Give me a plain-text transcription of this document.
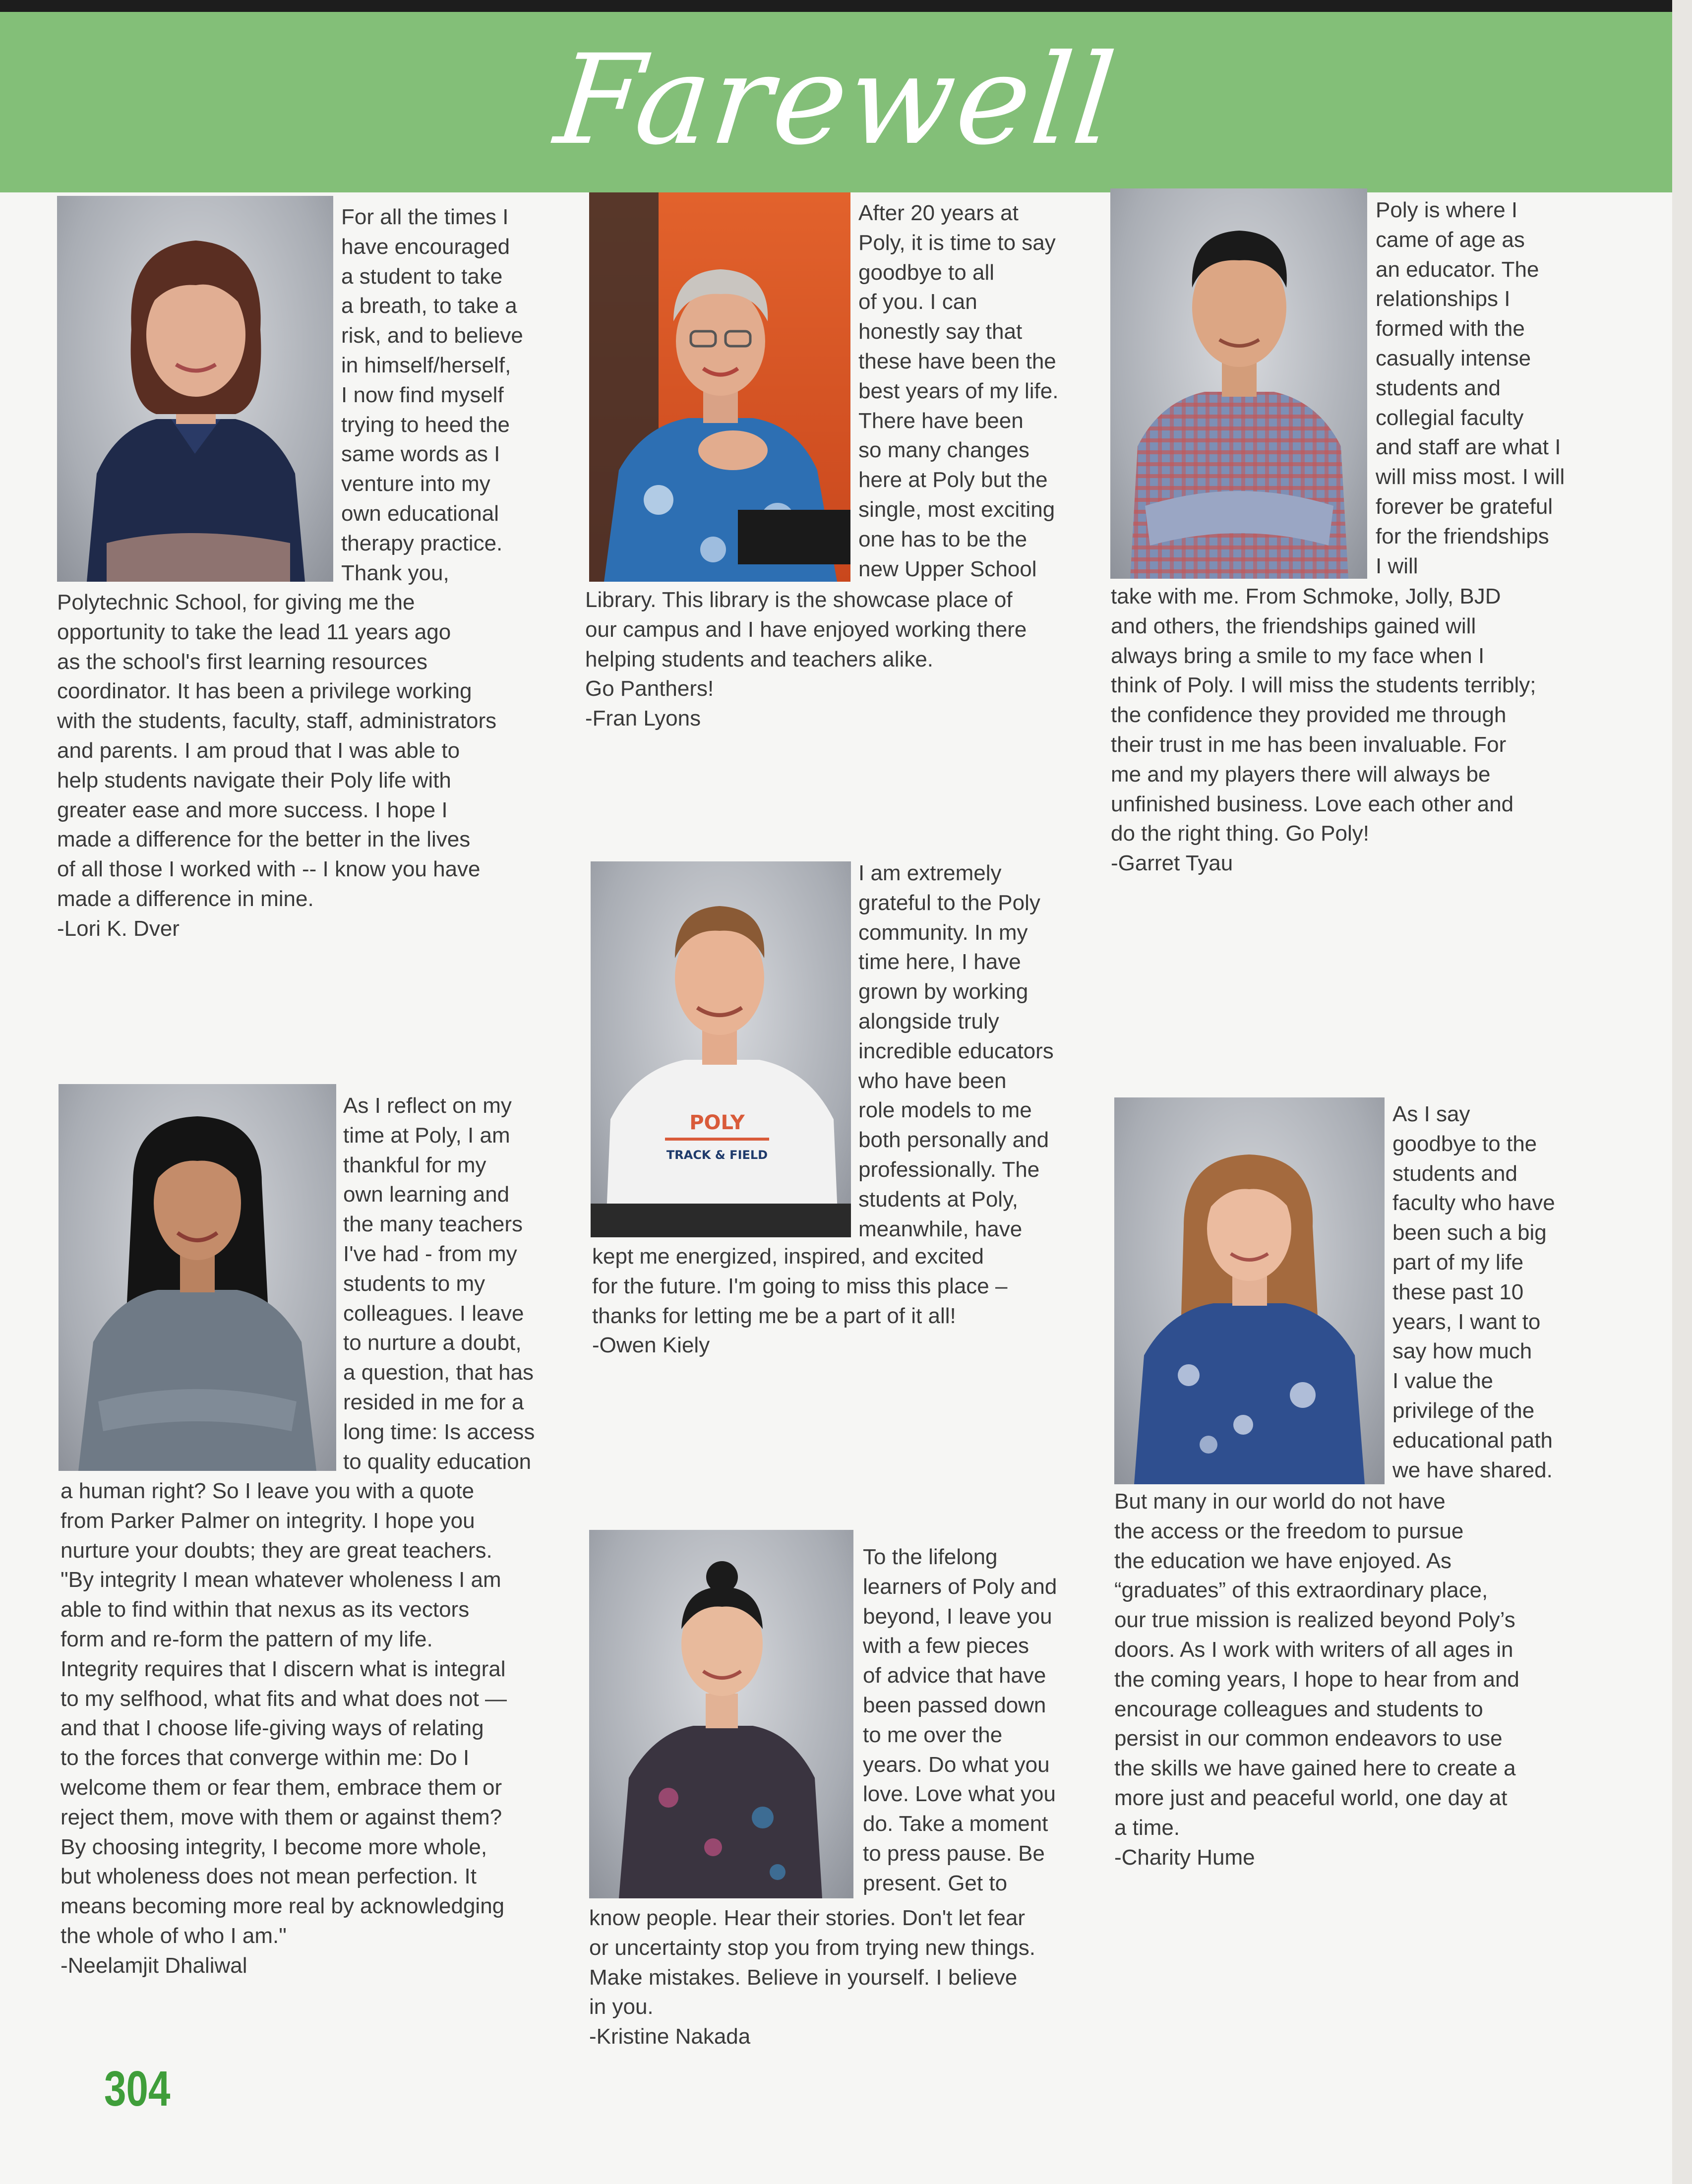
Farewell
For all the times I
have encouraged
a student to take
a breath, to take a
risk, and to believe
in himself/herself,
I now find myself
trying to heed the
same words as I
venture into my
own educational
therapy practice.
Thank you,
Polytechnic School, for giving me the
opportunity to take the lead 11 years ago
as the school's first learning resources
coordinator. It has been a privilege working
with the students, faculty, staff, administrators
and parents. I am proud that I was able to
help students navigate their Poly life with
greater ease and more success. I hope I
made a difference for the better in the lives
of all those I worked with -- I know you have
made a difference in mine.
-Lori K. Dver
After 20 years at
Poly, it is time to say
goodbye to all
of you. I can
honestly say that
these have been the
best years of my life.
There have been
so many changes
here at Poly but the
single, most exciting
one has to be the
new Upper School
Library. This library is the showcase place of
our campus and I have enjoyed working there
helping students and teachers alike.
Go Panthers!
-Fran Lyons
Poly is where I
came of age as
an educator. The
relationships I
formed with the
casually intense
students and
collegial faculty
and staff are what I
will miss most. I will
forever be grateful
for the friendships
I will
take with me. From Schmoke, Jolly, BJD
and others, the friendships gained will
always bring a smile to my face when I
think of Poly. I will miss the students terribly;
the confidence they provided me through
their trust in me has been invaluable. For
me and my players there will always be
unfinished business. Love each other and
do the right thing. Go Poly!
-Garret Tyau
POLY
TRACK & FIELD
I am extremely
grateful to the Poly
community. In my
time here, I have
grown by working
alongside truly
incredible educators
who have been
role models to me
both personally and
professionally. The
students at Poly,
meanwhile, have
kept me energized, inspired, and excited
for the future. I'm going to miss this place –
thanks for letting me be a part of it all!
-Owen Kiely
As I reflect on my
time at Poly, I am
thankful for my
own learning and
the many teachers
I've had - from my
students to my
colleagues. I leave
to nurture a doubt,
a question, that has
resided in me for a
long time: Is access
to quality education
a human right? So I leave you with a quote
from Parker Palmer on integrity. I hope you
nurture your doubts; they are great teachers.
"By integrity I mean whatever wholeness I am
able to find within that nexus as its vectors
form and re-form the pattern of my life.
Integrity requires that I discern what is integral
to my selfhood, what fits and what does not —
and that I choose life-giving ways of relating
to the forces that converge within me: Do I
welcome them or fear them, embrace them or
reject them, move with them or against them?
By choosing integrity, I become more whole,
but wholeness does not mean perfection. It
means becoming more real by acknowledging
the whole of who I am."
-Neelamjit Dhaliwal
As I say
goodbye to the
students and
faculty who have
been such a big
part of my life
these past 10
years, I want to
say how much
I value the
privilege of the
educational path
we have shared.
But many in our world do not have
the access or the freedom to pursue
the education we have enjoyed. As
“graduates” of this extraordinary place,
our true mission is realized beyond Poly’s
doors. As I work with writers of all ages in
the coming years, I hope to hear from and
encourage colleagues and students to
persist in our common endeavors to use
the skills we have gained here to create a
more just and peaceful world, one day at
a time.
-Charity Hume
To the lifelong
learners of Poly and
beyond, I leave you
with a few pieces
of advice that have
been passed down
to me over the
years. Do what you
love. Love what you
do. Take a moment
to press pause. Be
present. Get to
know people. Hear their stories. Don't let fear
or uncertainty stop you from trying new things.
Make mistakes. Believe in yourself. I believe
in you.
-Kristine Nakada
304
